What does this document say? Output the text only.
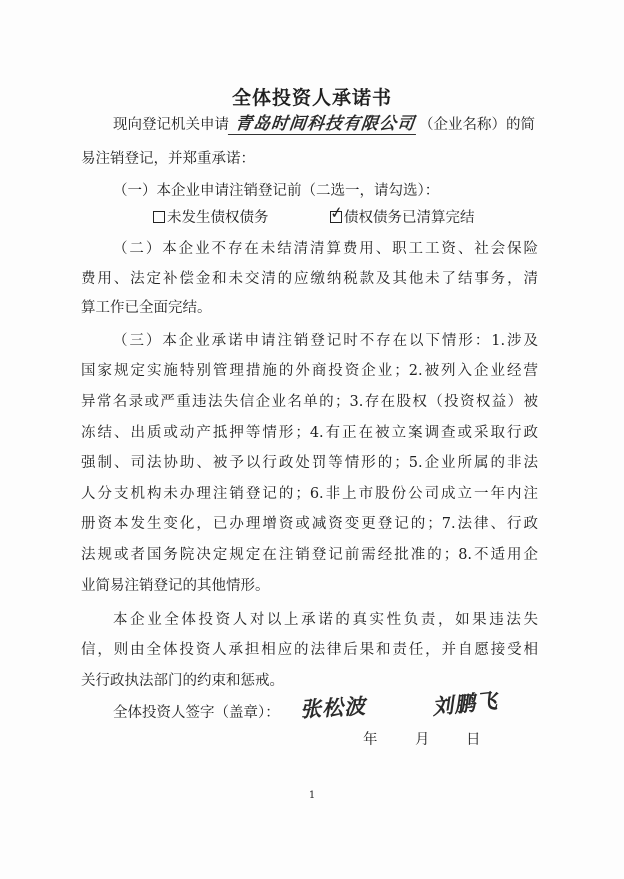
全体投资人承诺书
现向登记机关申请 青岛时间科技有限公司 （企业名称）的简
易注销登记，并郑重承诺：
（一）本企业申请注销登记前（二选一，请勾选）：
未发生债权债务	✓ 债权债务已清算完结
（二）本企业不存在未结清清算费用、职工工资、社会保险
费用、法定补偿金和未交清的应缴纳税款及其他未了结事务，清
算工作已全面完结。
（三）本企业承诺申请注销登记时不存在以下情形：1.涉及
国家规定实施特别管理措施的外商投资企业；2.被列入企业经营
异常名录或严重违法失信企业名单的；3.存在股权（投资权益）被
冻结、出质或动产抵押等情形；4.有正在被立案调查或采取行政
强制、司法协助、被予以行政处罚等情形的；5.企业所属的非法
人分支机构未办理注销登记的；6.非上市股份公司成立一年内注
册资本发生变化，已办理增资或减资变更登记的；7.法律、行政
法规或者国务院决定规定在注销登记前需经批准的；8.不适用企
业简易注销登记的其他情形。
本企业全体投资人对以上承诺的真实性负责，如果违法失
信，则由全体投资人承担相应的法律后果和责任，并自愿接受相
关行政执法部门的约束和惩戒。
全体投资人签字（盖章）： 张松波	刘鹏飞
年	月	日
1
